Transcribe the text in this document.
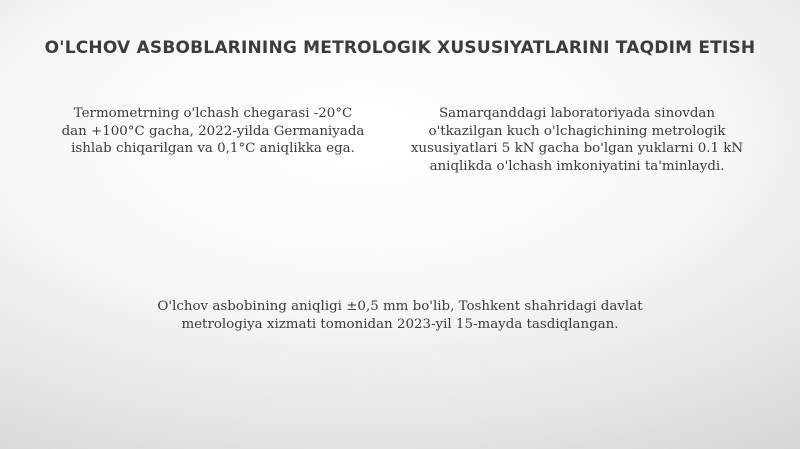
O'LCHOV ASBOBLARINING METROLOGIK XUSUSIYATLARINI TAQDIM ETISH
Termometrning o'lchash chegarasi -20°C
dan +100°C gacha, 2022-yilda Germaniyada
ishlab chiqarilgan va 0,1°C aniqlikka ega.
Samarqanddagi laboratoriyada sinovdan
o'tkazilgan kuch o'lchagichining metrologik
xususiyatlari 5 kN gacha bo'lgan yuklarni 0.1 kN
aniqlikda o'lchash imkoniyatini ta'minlaydi.
O'lchov asbobining aniqligi ±0,5 mm bo'lib, Toshkent shahridagi davlat
metrologiya xizmati tomonidan 2023-yil 15-mayda tasdiqlangan.
